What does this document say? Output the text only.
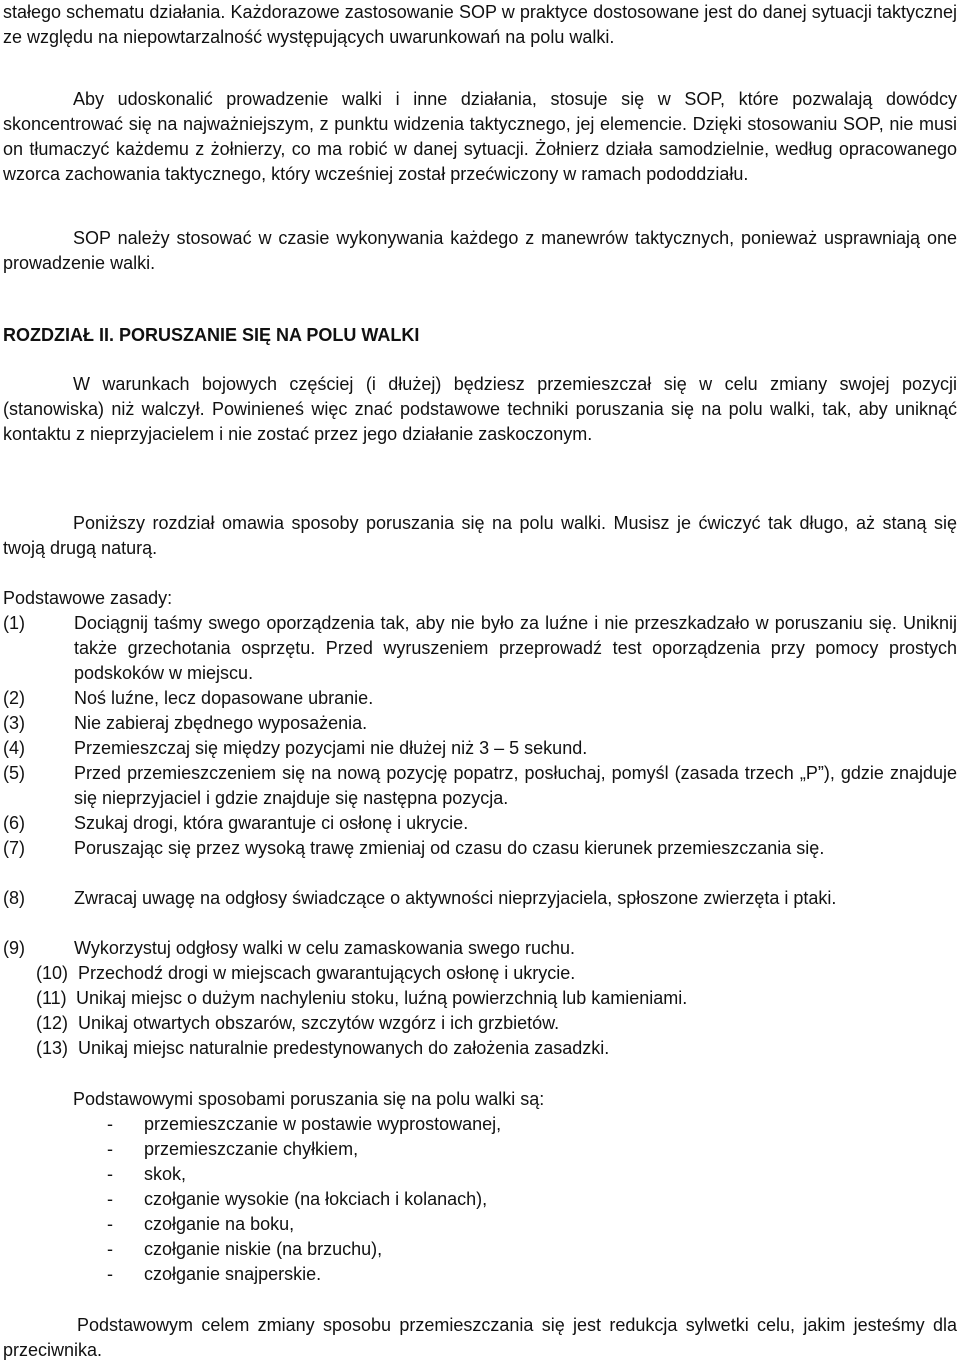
stałego schematu działania. Każdorazowe zastosowanie SOP w praktyce dostosowane jest do danej sytuacji taktycznej ze względu na niepowtarzalność występujących uwarunkowań na polu walki.

Aby udoskonalić prowadzenie walki i inne działania, stosuje się w SOP, które pozwalają dowódcy skoncentrować się na najważniejszym, z punktu widzenia taktycznego, jej elemencie. Dzięki stosowaniu SOP, nie musi on tłumaczyć każdemu z żołnierzy, co ma robić w danej sytuacji. Żołnierz działa samodzielnie, według opracowanego wzorca zachowania taktycznego, który wcześniej został przećwiczony w ramach pododdziału.

SOP należy stosować w czasie wykonywania każdego z manewrów taktycznych, ponieważ usprawniają one prowadzenie walki.

ROZDZIAŁ II. PORUSZANIE SIĘ NA POLU WALKI

W warunkach bojowych częściej (i dłużej) będziesz przemieszczał się w celu zmiany swojej pozycji (stanowiska) niż walczył. Powinieneś więc znać podstawowe techniki poruszania się na polu walki, tak, aby uniknąć kontaktu z nieprzyjacielem i nie zostać przez jego działanie zaskoczonym.

Poniższy rozdział omawia sposoby poruszania się na polu walki. Musisz je ćwiczyć tak długo, aż staną się twoją drugą naturą.

Podstawowe zasady:

(1)	Dociągnij taśmy swego oporządzenia tak, aby nie było za luźne i nie przeszkadzało w poruszaniu się. Uniknij także grzechotania osprzętu. Przed wyruszeniem przeprowadź test oporządzenia przy pomocy prostych podskoków w miejscu.

(2)	Noś luźne, lecz dopasowane ubranie.

(3)	Nie zabieraj zbędnego wyposażenia.

(4)	Przemieszczaj się między pozycjami nie dłużej niż 3 – 5 sekund.

(5)	Przed przemieszczeniem się na nową pozycję popatrz, posłuchaj, pomyśl (zasada trzech „P”), gdzie znajduje się nieprzyjaciel i gdzie znajduje się następna pozycja.

(6)	Szukaj drogi, która gwarantuje ci osłonę i ukrycie.

(7)	Poruszając się przez wysoką trawę zmieniaj od czasu do czasu kierunek przemieszczania się.

(8)	Zwracaj uwagę na odgłosy świadczące o aktywności nieprzyjaciela, spłoszone zwierzęta i ptaki.

(9)	Wykorzystuj odgłosy walki w celu zamaskowania swego ruchu.

(10) Przechodź drogi w miejscach gwarantujących osłonę i ukrycie.

(11) Unikaj miejsc o dużym nachyleniu stoku, luźną powierzchnią lub kamieniami.

(12) Unikaj otwartych obszarów, szczytów wzgórz i ich grzbietów.

(13) Unikaj miejsc naturalnie predestynowanych do założenia zasadzki.

Podstawowymi sposobami poruszania się na polu walki są:

- przemieszczanie w postawie wyprostowanej,
- przemieszczanie chyłkiem,
- skok,
- czołganie wysokie (na łokciach i kolanach),
- czołganie na boku,
- czołganie niskie (na brzuchu),
- czołganie snajperskie.

Podstawowym celem zmiany sposobu przemieszczania się jest redukcja sylwetki celu, jakim jesteśmy dla przeciwnika.
